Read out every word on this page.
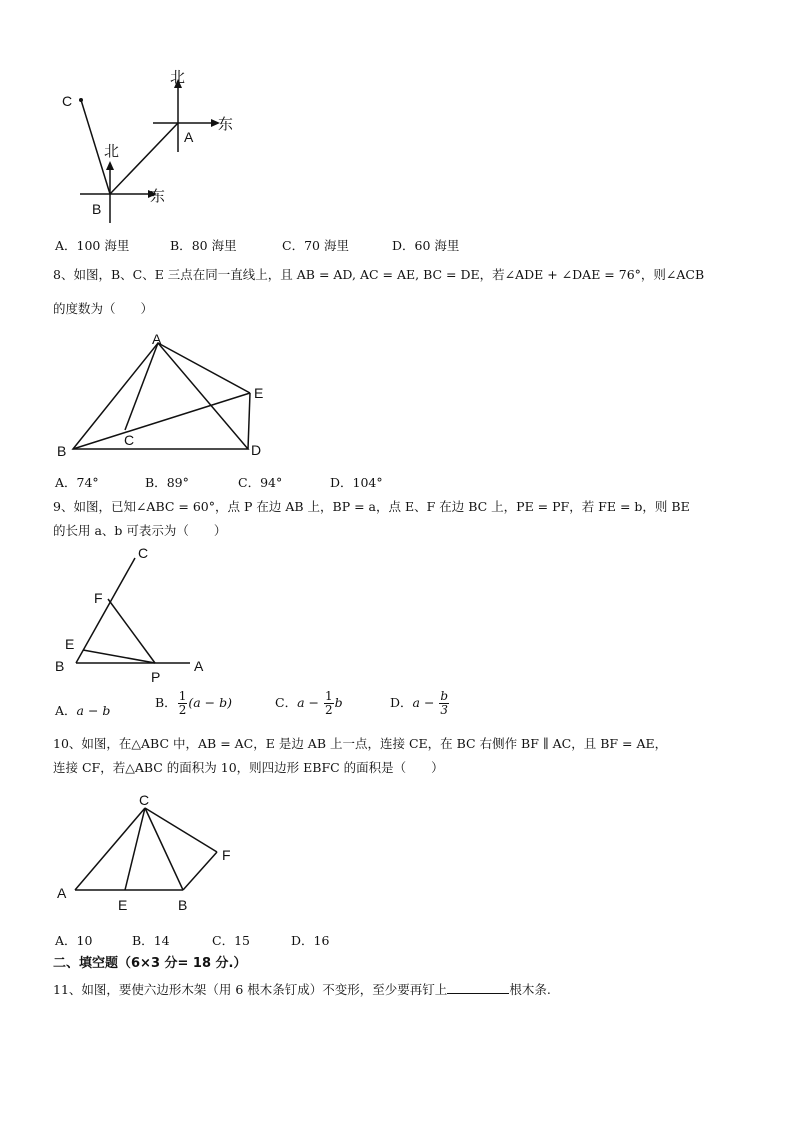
C
B
A
北
东
北
东
A．100 海里	B．80 海里	C．70 海里	D．60 海里
8、如图，B、C、E 三点在同一直线上，且 AB = AD, AC = AE, BC = DE，若∠ADE + ∠DAE = 76°，则∠ACB
的度数为（　　）
A
B
C
D
E
A．74°	B．89°	C．94°	D．104°
9、如图，已知∠ABC = 60°，点 P 在边 AB 上，BP = a，点 E、F 在边 BC 上，PE = PF，若 FE = b，则 BE
的长用 a、b 可表示为（　　）
C
F
E
B
P
A
A．a − b
B． $\frac{1}{2} (a - b)$	C．$a - \frac{1}{2}$ b	D．$a - \frac{b}{3}$
10、如图，在△ABC 中，AB = AC，E 是边 AB 上一点，连接 CE，在 BC 右侧作 BF ∥ AC，且 BF = AE，
连接 CF，若△ABC 的面积为 10，则四边形 EBFC 的面积是（　　）
C
F
A
E	B
A．10	B．14	C．15	D．16
二、填空题（6×3 分= 18 分.）
11、如图，要使六边形木架（用 6 根木条钉成）不变形，至少要再钉上	根木条.
